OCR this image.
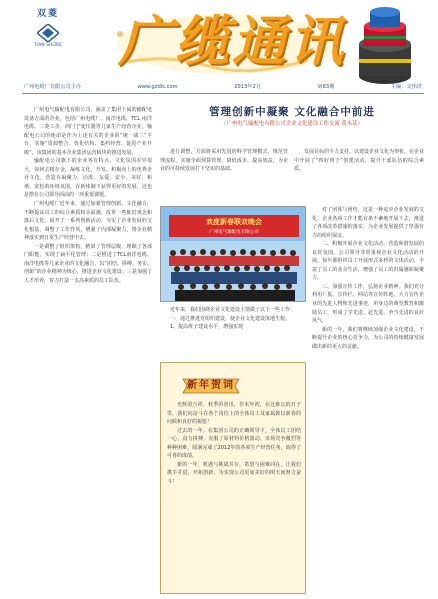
双菱
TIAN SHORE 广缆通讯
广州电缆厂有限公司主办	www.gzdls.com	2013年2月	第83期	主编：文伟洪

广州电气输配电有限公司，涵盖了集团下属的输配电设备方面的企业，包括广州电缆厂、南洋电缆、TCL·南洋电缆、三菱工企，西门子变压器等几家生产经营企业，输配电公司的使命是作为上述有关的企业的“统一战三”平台，实施“资源整合、优化结构、集约经营、促进产业升级”，该集团的基本企业集团运营板块的推进发展。

输配电公司旗下的企业各有特点，文化氛围差异很大，如何去粗存金，凝练文化，开发、积极向上的优秀企业文化，营造有凝聚力、活泼、友爱、安全、美好、和谐、宽松的环境氛围，在新体制下获得更好的发展，这也是摆在公司领导面前的一项重要课题。

广州电缆厂近年来，通过加强管理创新、文化融合，不断提高员工的综合素质和幸福感，改革一些陈旧观念和落后文化，展开了一系列创新活动，夯实了企业发展的文化根基，调整了工作作风，增强了内部凝聚力，将企业精神落实到日常生产经营中去。

一是调整了组织架构，精简了管理层级，理顺了各部门职能，实现了扁平化管理；二是推进了TCL南洋电缆、南洋电缆等几家企业的文化融合，以“团结、拼搏、务实、创新”的企业精神为核心，推进企业文化建设；三是加强了人才培养，着力打造一支高素质的员工队伍。

管理创新中凝聚 文化融合中前进
（广州电气输配电有限公司企业文化建设工作交流 黄永基）

进行调整，方面将采用先进的科学管理模式，规范管理流程，实施全面预算管理，降低成本，提高效益，为企业的可持续发展打下坚实的基础。

发展目标的全力支持。以建设企业文化为契机，在企业中开展了“四好班子”创建活动，提升干部队伍的综合素质。

欢度新春联欢晚会
广州电气输配电有限公司

近年来，我们围绕企业文化建设主要做了以下一些工作：

一、通过推进党组织建设，使企业文化建设落地生根。

1、提高班子建设水平，增强实现

新年贺词

光辉的吉祥，秋季的喜讯，岁末年初，在这难忘的日子里，我们向奋斗在各个岗位上的全体员工及家属致以新春的问候和良好的祝愿！

过去的一年，在集团公司的正确领导下，全体员工团结一心，奋力拼搏，克服了原材料价格波动、市场竞争激烈等种种困难，圆满完成了2012年的各项生产经营任务，取得了可喜的成绩。

新的一年，机遇与挑战并存，希望与困难同在。让我们携手并进，开拓创新，为实现公司更加美好的明天而努力奋斗！

对了团体与团结，这是一种适应企业发展的文化，企业各项工作才能有条不紊地开展下去，推进了各项改革措施的落实，为企业发展提供了坚强有力的组织保证。

二、积极开展企业文化活动，营造和谐发展的良好氛围。公司领导非常重视企业文化活动的开展，每年都组织员工开展形式多样的文体活动，丰富了员工的业余生活，增强了员工的归属感和凝聚力。

三、加强宣传工作，弘扬企业精神。我们充分利用厂报、宣传栏、网站等宣传阵地，大力宣传企业的先进人物和先进事迹，用身边的典型教育和激励员工，形成了学先进、赶先进、争当先进的良好风气。

新的一年，我们将继续加强企业文化建设，不断提升企业的核心竞争力，为公司的持续健康发展做出新的更大的贡献。
